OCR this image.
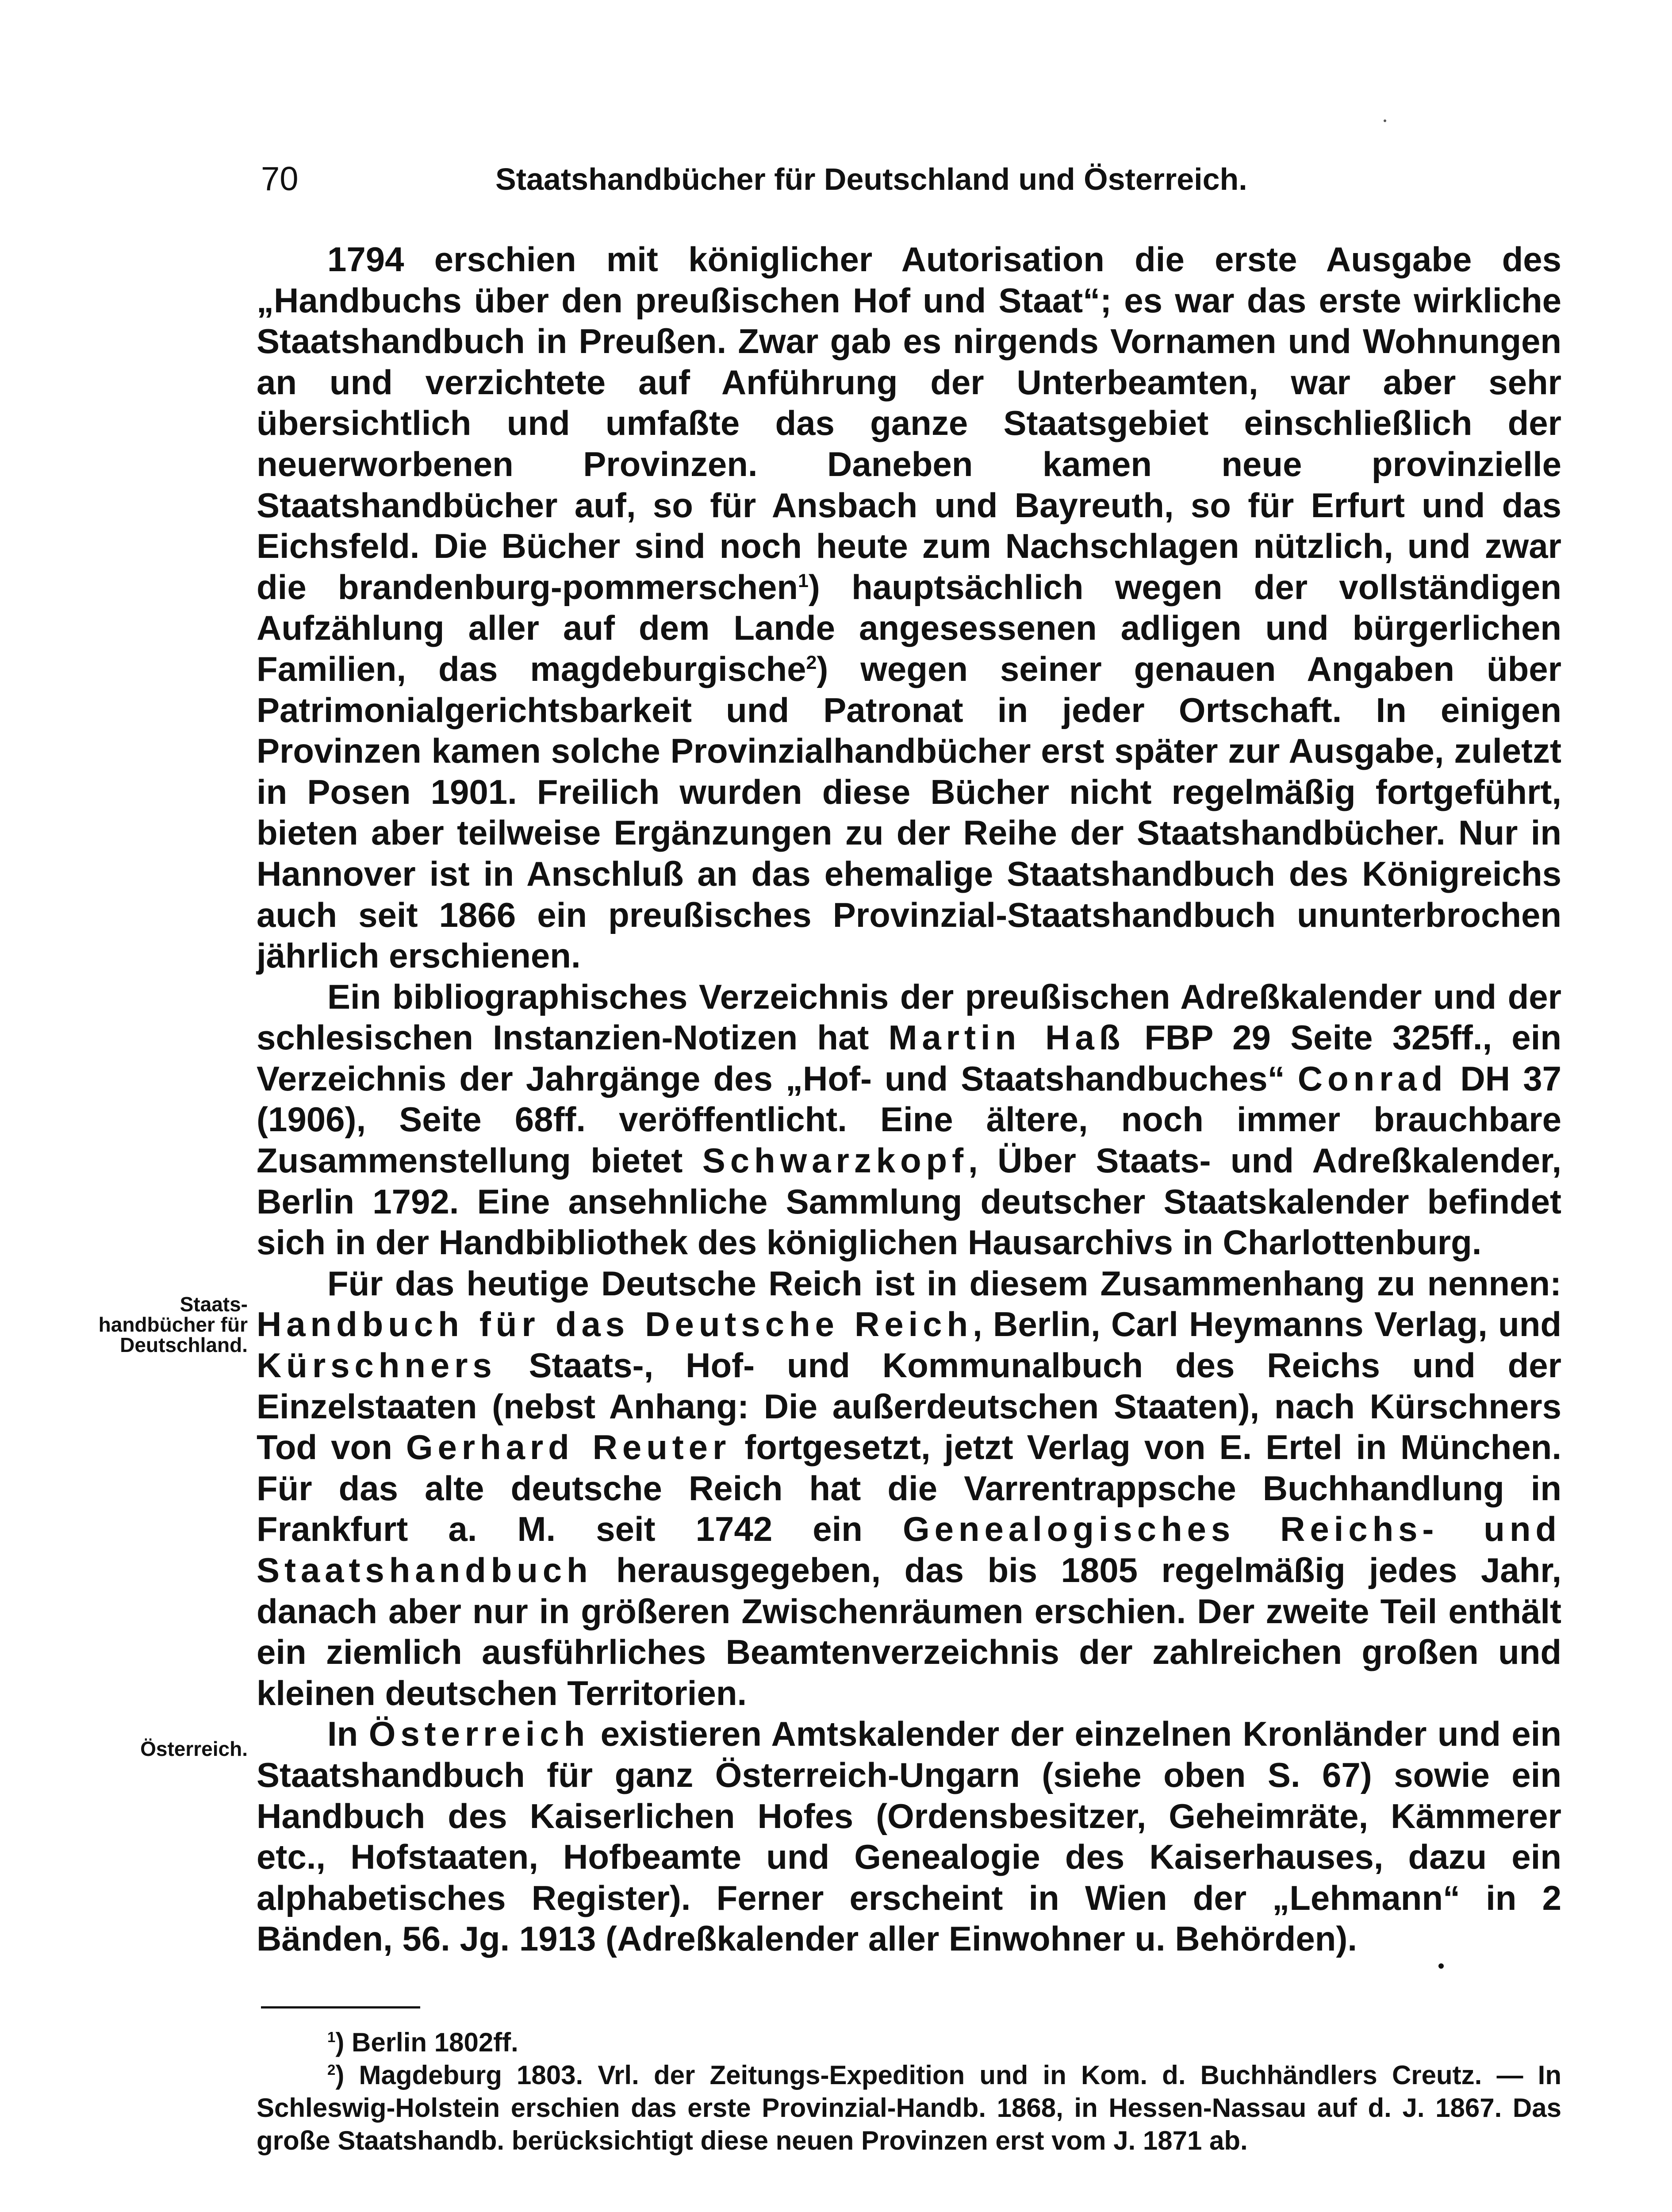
70	Staatshandbücher für Deutschland und Österreich.
Staats- handbücher für Deutschland.
Österreich.

1794 erschien mit königlicher Autorisation die erste Ausgabe des „Handbuchs über den preußischen Hof und Staat“; es war das erste wirkliche Staatshandbuch in Preußen. Zwar gab es nirgends Vornamen und Wohnungen an und verzichtete auf Anführung der Unterbeamten, war aber sehr übersichtlich und umfaßte das ganze Staatsgebiet einschließlich der neuerworbenen Provinzen. Daneben kamen neue provinzielle Staatshandbücher auf, so für Ansbach und Bayreuth, so für Erfurt und das Eichsfeld. Die Bücher sind noch heute zum Nachschlagen nützlich, und zwar die brandenburg-pommerschen$^1$) hauptsächlich wegen der vollständigen Aufzählung aller auf dem Lande angesessenen adligen und bürgerlichen Familien, das magdeburgische$^2$) wegen seiner genauen Angaben über Patrimonialgerichtsbarkeit und Patronat in jeder Ortschaft. In einigen Provinzen kamen solche Provinzialhandbücher erst später zur Ausgabe, zuletzt in Posen 1901. Freilich wurden diese Bücher nicht regelmäßig fortgeführt, bieten aber teilweise Ergänzungen zu der Reihe der Staatshandbücher. Nur in Hannover ist in Anschluß an das ehemalige Staatshandbuch des Königreichs auch seit 1866 ein preußisches Provinzial-Staatshandbuch ununterbrochen jährlich erschienen.

Ein bibliographisches Verzeichnis der preußischen Adreßkalender und der schlesischen Instanzien-Notizen hat Martin Haß FBP 29 Seite 325ff., ein Verzeichnis der Jahrgänge des „Hof- und Staatshandbuches“ Conrad DH 37 (1906), Seite 68ff. veröffentlicht. Eine ältere, noch immer brauchbare Zusammenstellung bietet Schwarzkopf, Über Staats- und Adreßkalender, Berlin 1792. Eine ansehnliche Sammlung deutscher Staatskalender befindet sich in der Handbibliothek des königlichen Hausarchivs in Charlottenburg.

Für das heutige Deutsche Reich ist in diesem Zusammenhang zu nennen: Handbuch für das Deutsche Reich, Berlin, Carl Heymanns Verlag, und Kürschners Staats-, Hof- und Kommunalbuch des Reichs und der Einzelstaaten (nebst Anhang: Die außerdeutschen Staaten), nach Kürschners Tod von Gerhard Reuter fortgesetzt, jetzt Verlag von E. Ertel in München. Für das alte deutsche Reich hat die Varrentrappsche Buchhandlung in Frankfurt a. M. seit 1742 ein Genealogisches Reichs- und Staatshandbuch herausgegeben, das bis 1805 regelmäßig jedes Jahr, danach aber nur in größeren Zwischenräumen erschien. Der zweite Teil enthält ein ziemlich ausführliches Beamtenverzeichnis der zahlreichen großen und kleinen deutschen Territorien.

In Österreich existieren Amtskalender der einzelnen Kronländer und ein Staatshandbuch für ganz Österreich-Ungarn (siehe oben S. 67) sowie ein Handbuch des Kaiserlichen Hofes (Ordensbesitzer, Geheimräte, Kämmerer etc., Hofstaaten, Hofbeamte und Genealogie des Kaiserhauses, dazu ein alphabetisches Register). Ferner erscheint in Wien der „Lehmann“ in 2 Bänden, 56. Jg. 1913 (Adreßkalender aller Einwohner u. Behörden).

$^1$) Berlin 1802ff.

$^2$) Magdeburg 1803. Vrl. der Zeitungs-Expedition und in Kom. d. Buchhändlers Creutz. — In Schleswig-Holstein erschien das erste Provinzial-Handb. 1868, in Hessen-Nassau auf d. J. 1867. Das große Staatshandb. berücksichtigt diese neuen Provinzen erst vom J. 1871 ab.
